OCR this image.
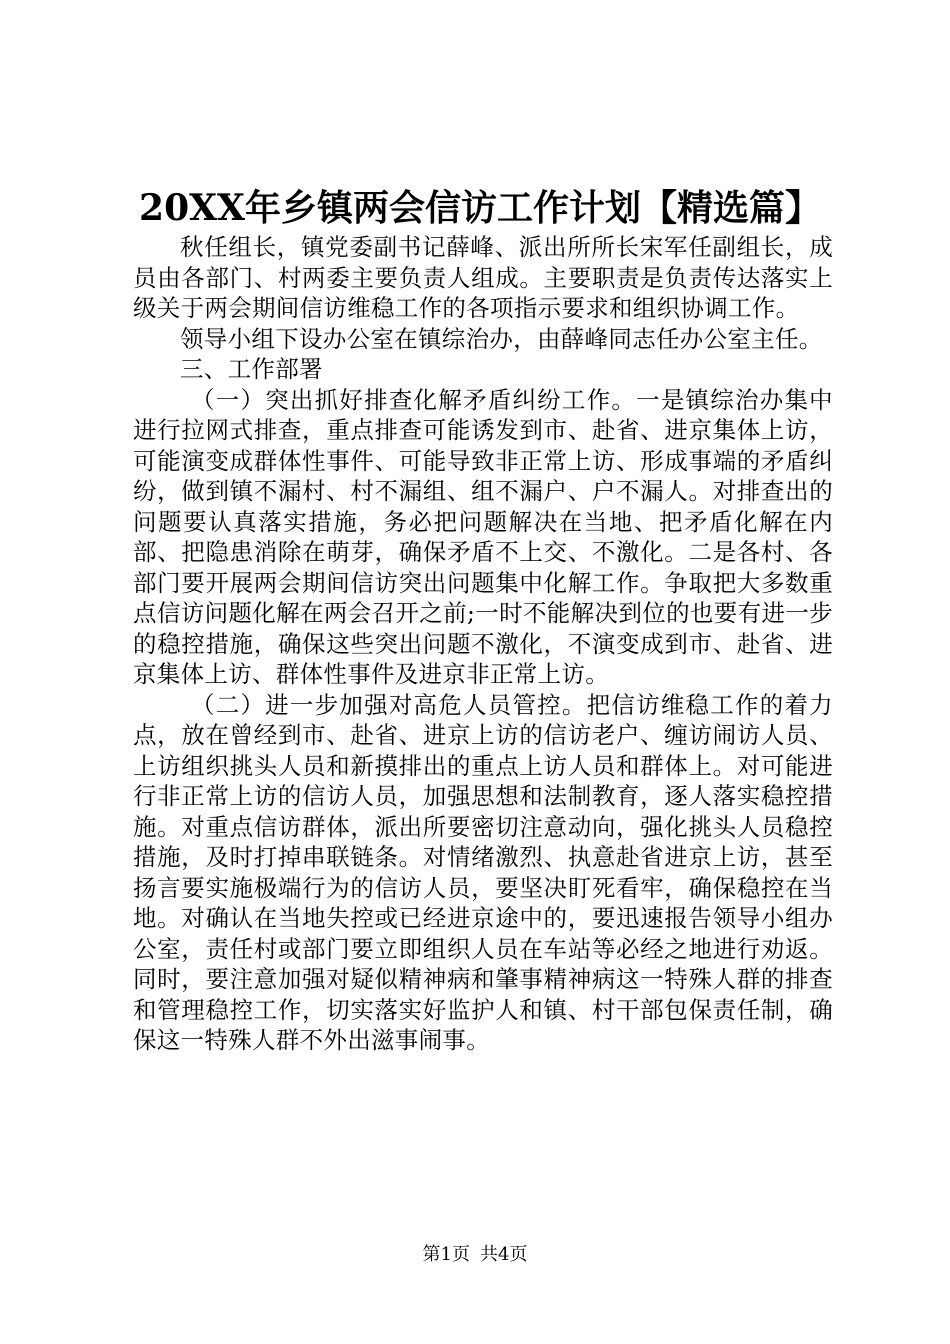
20XX年乡镇两会信访工作计划【精选篇】

秋任组长，镇党委副书记薛峰、派出所所长宋军任副组长，成员由各部门、村两委主要负责人组成。主要职责是负责传达落实上级关于两会期间信访维稳工作的各项指示要求和组织协调工作。

领导小组下设办公室在镇综治办，由薛峰同志任办公室主任。

三、工作部署

（一）突出抓好排查化解矛盾纠纷工作。一是镇综治办集中进行拉网式排查，重点排查可能诱发到市、赴省、进京集体上访，可能演变成群体性事件、可能导致非正常上访、形成事端的矛盾纠纷，做到镇不漏村、村不漏组、组不漏户、户不漏人。对排查出的问题要认真落实措施，务必把问题解决在当地、把矛盾化解在内部、把隐患消除在萌芽，确保矛盾不上交、不激化。二是各村、各部门要开展两会期间信访突出问题集中化解工作。争取把大多数重点信访问题化解在两会召开之前;一时不能解决到位的也要有进一步的稳控措施，确保这些突出问题不激化，不演变成到市、赴省、进京集体上访、群体性事件及进京非正常上访。

（二）进一步加强对高危人员管控。把信访维稳工作的着力点，放在曾经到市、赴省、进京上访的信访老户、缠访闹访人员、上访组织挑头人员和新摸排出的重点上访人员和群体上。对可能进行非正常上访的信访人员，加强思想和法制教育，逐人落实稳控措施。对重点信访群体，派出所要密切注意动向，强化挑头人员稳控措施，及时打掉串联链条。对情绪激烈、执意赴省进京上访，甚至扬言要实施极端行为的信访人员，要坚决盯死看牢，确保稳控在当地。对确认在当地失控或已经进京途中的，要迅速报告领导小组办公室，责任村或部门要立即组织人员在车站等必经之地进行劝返。同时，要注意加强对疑似精神病和肇事精神病这一特殊人群的排查和管理稳控工作，切实落实好监护人和镇、村干部包保责任制，确保这一特殊人群不外出滋事闹事。

第1页 共4页
